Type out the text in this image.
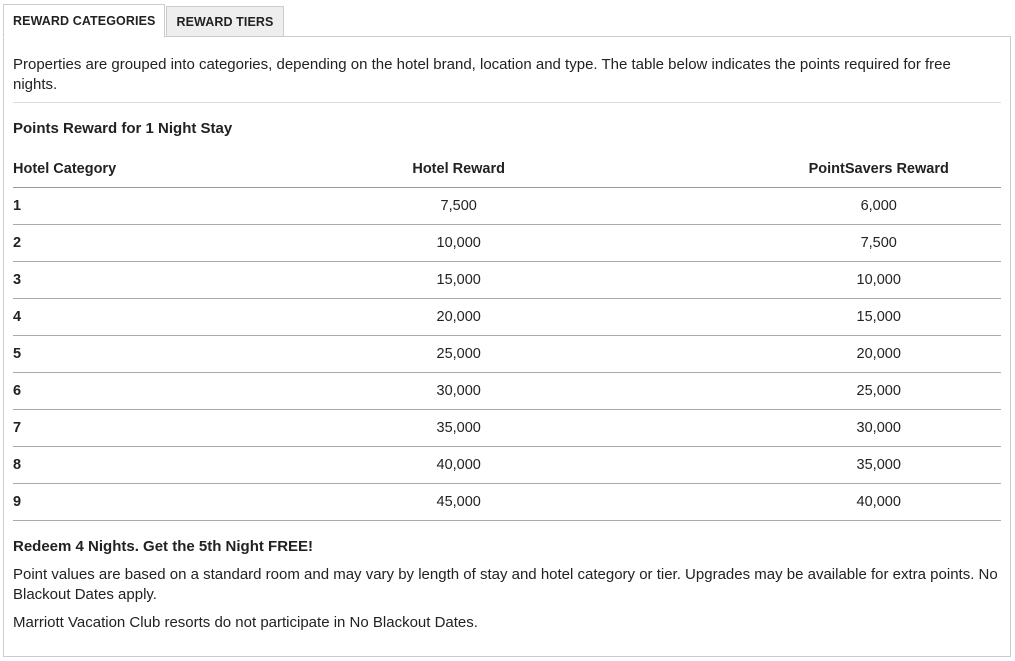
REWARD CATEGORIES	REWARD TIERS

Properties are grouped into categories, depending on the hotel brand, location and type. The table below indicates the points required for free nights.

Points Reward for 1 Night Stay

Hotel Category	Hotel Reward	PointSavers Reward
1	7,500	6,000
2	10,000	7,500
3	15,000	10,000
4	20,000	15,000
5	25,000	20,000
6	30,000	25,000
7	35,000	30,000
8	40,000	35,000
9	45,000	40,000

Redeem 4 Nights. Get the 5th Night FREE!

Point values are based on a standard room and may vary by length of stay and hotel category or tier. Upgrades may be available for extra points. No Blackout Dates apply.

Marriott Vacation Club resorts do not participate in No Blackout Dates.
